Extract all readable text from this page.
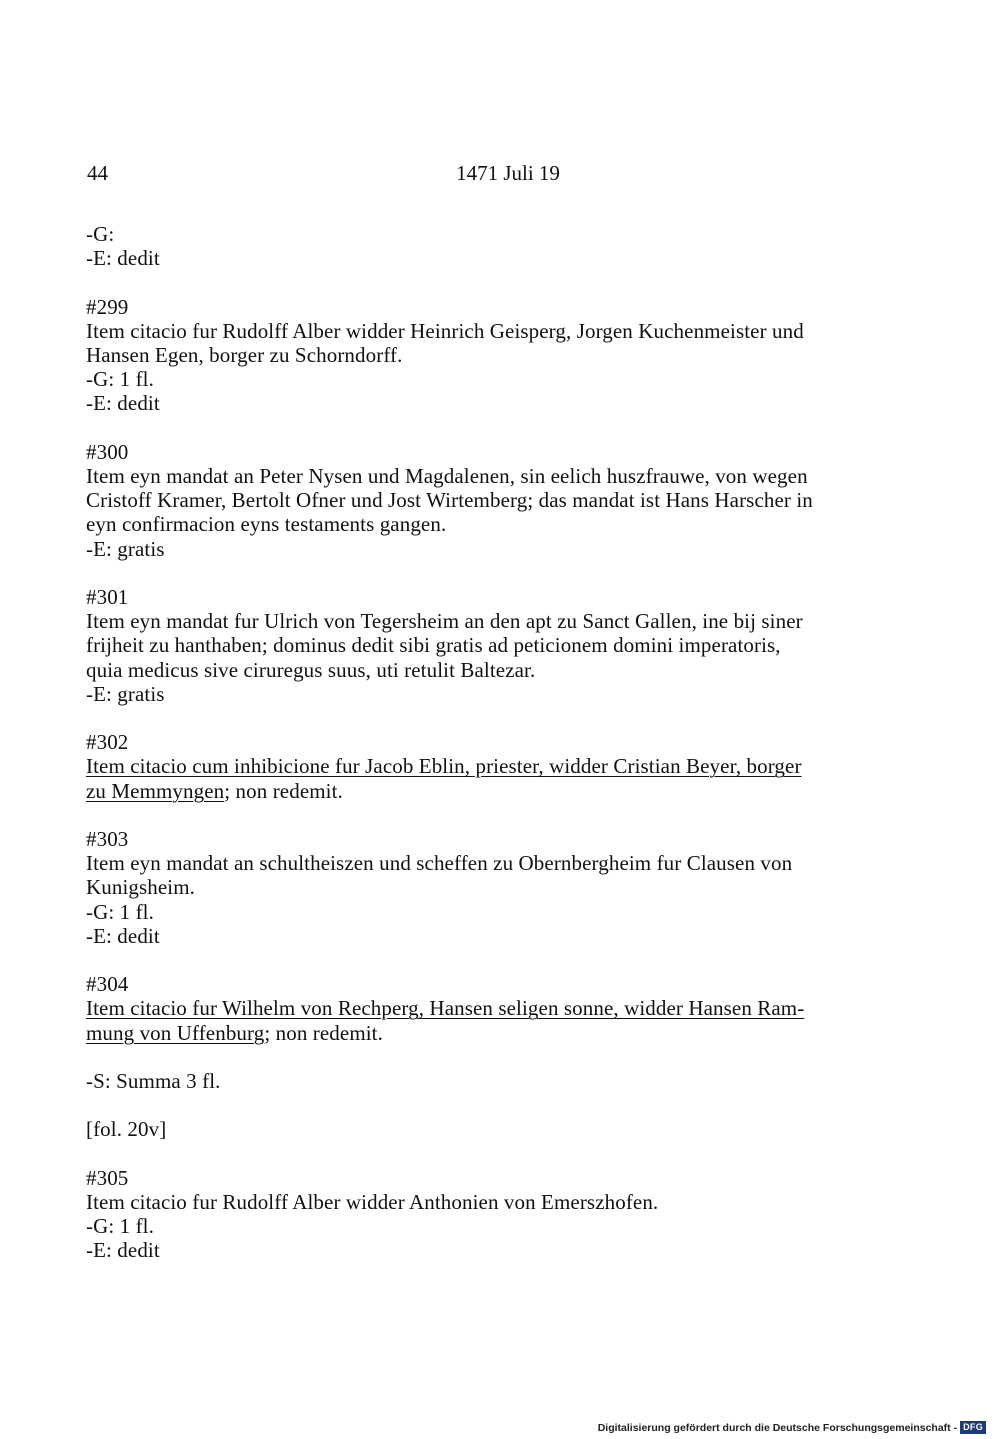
44	1471 Juli 19
-G:
-E: dedit
#299
Item citacio fur Rudolff Alber widder Heinrich Geisperg, Jorgen Kuchenmeister und
Hansen Egen, borger zu Schorndorff.
-G: 1 fl.
-E: dedit
#300
Item eyn mandat an Peter Nysen und Magdalenen, sin eelich huszfrauwe, von wegen
Cristoff Kramer, Bertolt Ofner und Jost Wirtemberg; das mandat ist Hans Harscher in
eyn confirmacion eyns testaments gangen.
-E: gratis
#301
Item eyn mandat fur Ulrich von Tegersheim an den apt zu Sanct Gallen, ine bij siner
frijheit zu hanthaben; dominus dedit sibi gratis ad peticionem domini imperatoris,
quia medicus sive ciruregus suus, uti retulit Baltezar.
-E: gratis
#302
Item citacio cum inhibicione fur Jacob Eblin, priester, widder Cristian Beyer, borger
zu Memmyngen; non redemit.
#303
Item eyn mandat an schultheiszen und scheffen zu Obernbergheim fur Clausen von
Kunigsheim.
-G: 1 fl.
-E: dedit
#304
Item citacio fur Wilhelm von Rechperg, Hansen seligen sonne, widder Hansen Ram-
mung von Uffenburg; non redemit.
-S: Summa 3 fl.
[fol. 20v]
#305
Item citacio fur Rudolff Alber widder Anthonien von Emerszhofen.
-G: 1 fl.
-E: dedit
Digitalisierung gefördert durch die Deutsche Forschungsgemeinschaft - DFG
